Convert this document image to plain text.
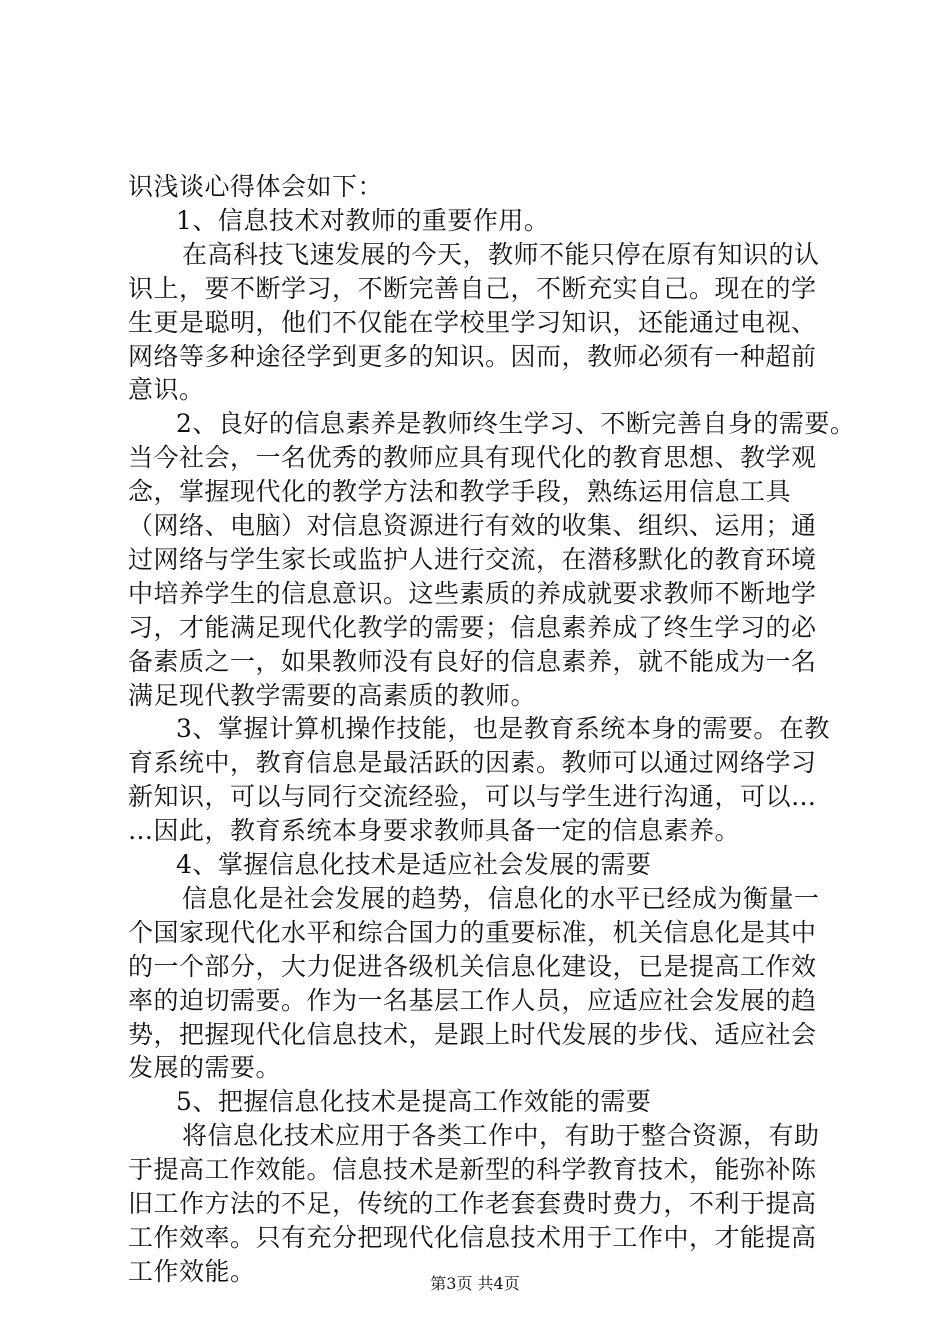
识浅谈心得体会如下：
1、信息技术对教师的重要作用。
在高科技飞速发展的今天，教师不能只停在原有知识的认
识上，要不断学习，不断完善自己，不断充实自己。现在的学
生更是聪明，他们不仅能在学校里学习知识，还能通过电视、
网络等多种途径学到更多的知识。因而，教师必须有一种超前
意识。
2、良好的信息素养是教师终生学习、不断完善自身的需要。
当今社会，一名优秀的教师应具有现代化的教育思想、教学观
念，掌握现代化的教学方法和教学手段，熟练运用信息工具
（网络、电脑）对信息资源进行有效的收集、组织、运用；通
过网络与学生家长或监护人进行交流，在潜移默化的教育环境
中培养学生的信息意识。这些素质的养成就要求教师不断地学
习，才能满足现代化教学的需要；信息素养成了终生学习的必
备素质之一，如果教师没有良好的信息素养，就不能成为一名
满足现代教学需要的高素质的教师。
3、掌握计算机操作技能，也是教育系统本身的需要。在教
育系统中，教育信息是最活跃的因素。教师可以通过网络学习
新知识，可以与同行交流经验，可以与学生进行沟通，可以…
…因此，教育系统本身要求教师具备一定的信息素养。
4、掌握信息化技术是适应社会发展的需要
信息化是社会发展的趋势，信息化的水平已经成为衡量一
个国家现代化水平和综合国力的重要标准，机关信息化是其中
的一个部分，大力促进各级机关信息化建设，已是提高工作效
率的迫切需要。作为一名基层工作人员，应适应社会发展的趋
势，把握现代化信息技术，是跟上时代发展的步伐、适应社会
发展的需要。
5、把握信息化技术是提高工作效能的需要
将信息化技术应用于各类工作中，有助于整合资源，有助
于提高工作效能。信息技术是新型的科学教育技术，能弥补陈
旧工作方法的不足，传统的工作老套套费时费力，不利于提高
工作效率。只有充分把现代化信息技术用于工作中，才能提高
工作效能。	第3页 共4页
